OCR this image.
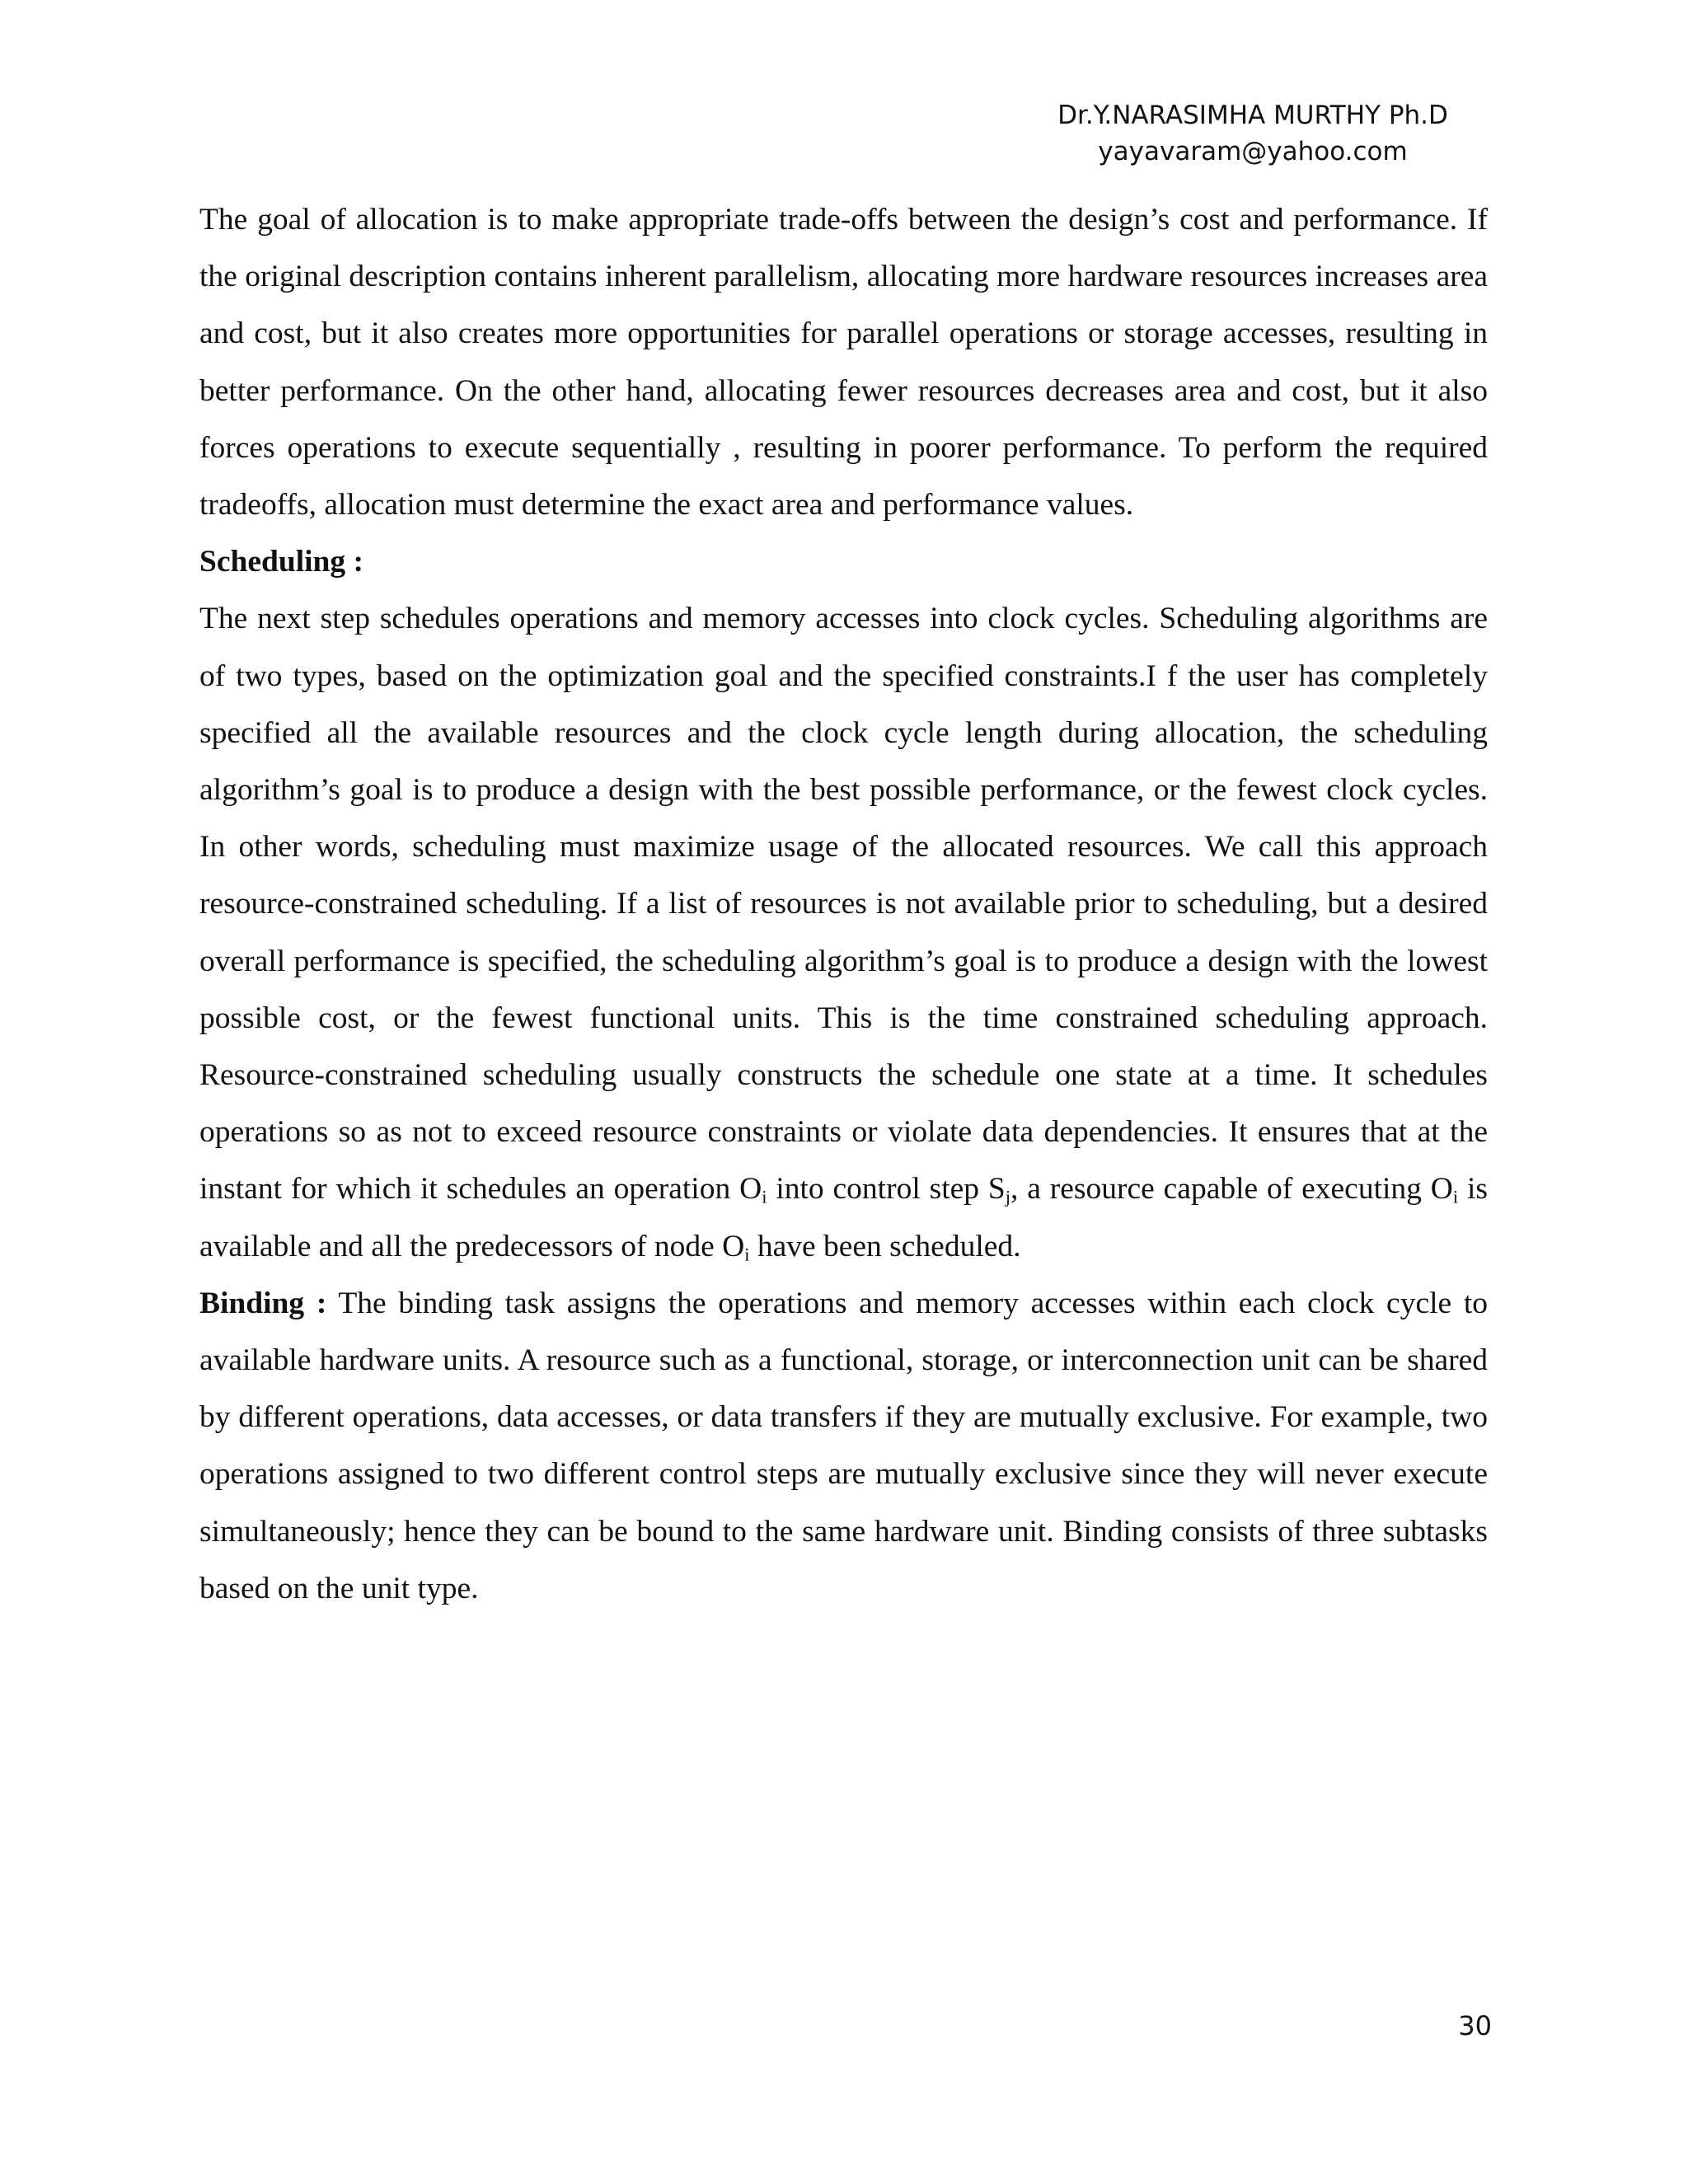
Dr.Y.NARASIMHA MURTHY Ph.D
yayavaram@yahoo.com

The goal of allocation is to make appropriate trade-offs between the design’s cost and performance. If the original description contains inherent parallelism, allocating more hardware resources increases area and cost, but it also creates more opportunities for parallel operations or storage accesses, resulting in better performance. On the other hand, allocating fewer resources decreases area and cost, but it also forces operations to execute sequentially , resulting in poorer performance. To perform the required tradeoffs, allocation must determine the exact area and performance values.

Scheduling :

The next step schedules operations and memory accesses into clock cycles. Scheduling algorithms are of two types, based on the optimization goal and the specified constraints.I f the user has completely specified all the available resources and the clock cycle length during allocation, the scheduling algorithm’s goal is to produce a design with the best possible performance, or the fewest clock cycles. In other words, scheduling must maximize usage of the allocated resources. We call this approach resource-constrained scheduling. If a list of resources is not available prior to scheduling, but a desired overall performance is specified, the scheduling algorithm’s goal is to produce a design with the lowest possible cost, or the fewest functional units. This is the time constrained scheduling approach. Resource-constrained scheduling usually constructs the schedule one state at a time. It schedules operations so as not to exceed resource constraints or violate data dependencies. It ensures that at the instant for which it schedules an operation $O_i$ into control step $S_j$, a resource capable of executing $O_i$ is available and all the predecessors of node $O_i$ have been scheduled.

Binding : The binding task assigns the operations and memory accesses within each clock cycle to available hardware units. A resource such as a functional, storage, or interconnection unit can be shared by different operations, data accesses, or data transfers if they are mutually exclusive. For example, two operations assigned to two different control steps are mutually exclusive since they will never execute simultaneously; hence they can be bound to the same hardware unit. Binding consists of three subtasks based on the unit type.

30
